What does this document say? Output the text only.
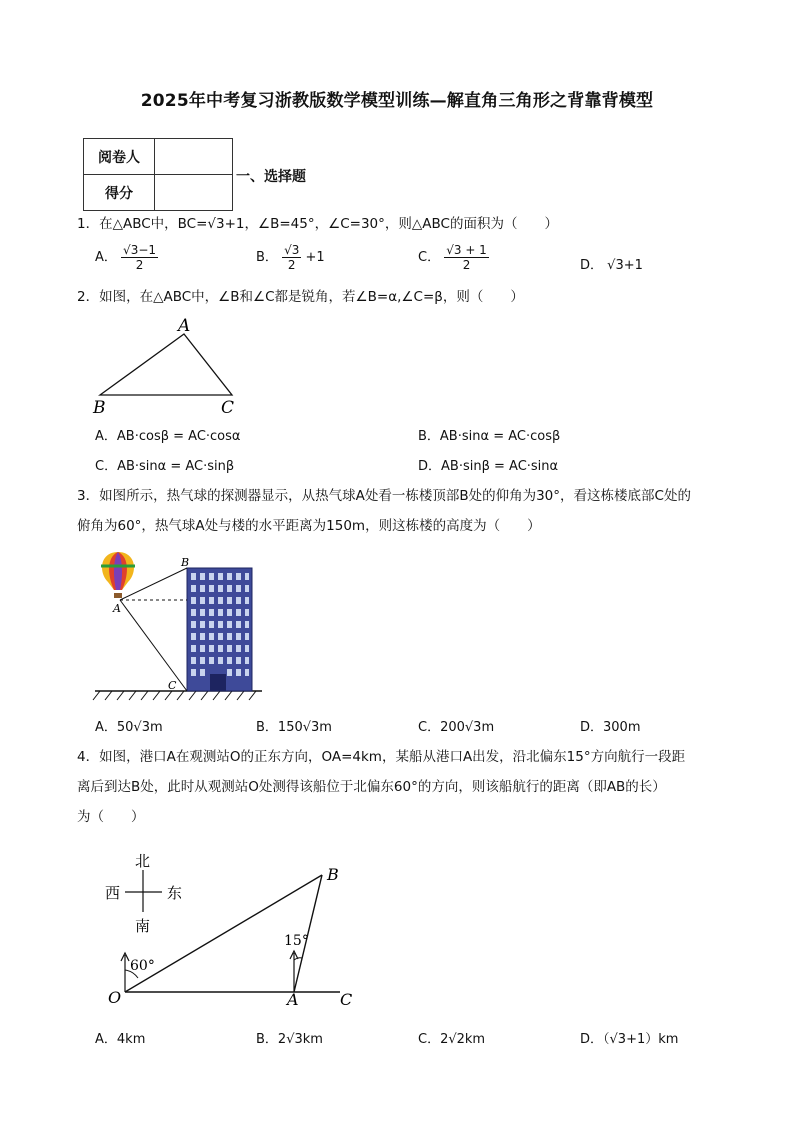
2025年中考复习浙教版数学模型训练—解直角三角形之背靠背模型
阅卷人	
得分	
一、选择题
1．在△ABC中，BC=√3+1，∠B=45°，∠C=30°，则△ABC的面积为（　　）
A． $\frac{√3-1}{2}$	B． $\frac{√3}{2} +1$	C． $\frac{√3 + 1}{2}$	D． √3+1
2．如图，在△ABC中，∠B和∠C都是锐角，若∠B=α,∠C=β，则（　　）
A
B	C
A．AB·cosβ = AC·cosα	B．AB·sinα = AC·cosβ
C．AB·sinα = AC·sinβ	D．AB·sinβ = AC·sinα
3．如图所示，热气球的探测器显示，从热气球A处看一栋楼顶部B处的仰角为30°，看这栋楼底部C处的
俯角为60°，热气球A处与楼的水平距离为150m，则这栋楼的高度为（　　）
A
B
C
A．50√3m	B．150√3m	C．200√3m	D．300m
4．如图，港口A在观测站O的正东方向，OA=4km，某船从港口A出发，沿北偏东15°方向航行一段距
离后到达B处，此时从观测站O处测得该船位于北偏东60°的方向，则该船航行的距离（即AB的长）
为（　　）
北
南
西	东
60°
15°
O	A
B
C
A．4km	B．2√3km	C．2√2km	D．（√3+1）km
